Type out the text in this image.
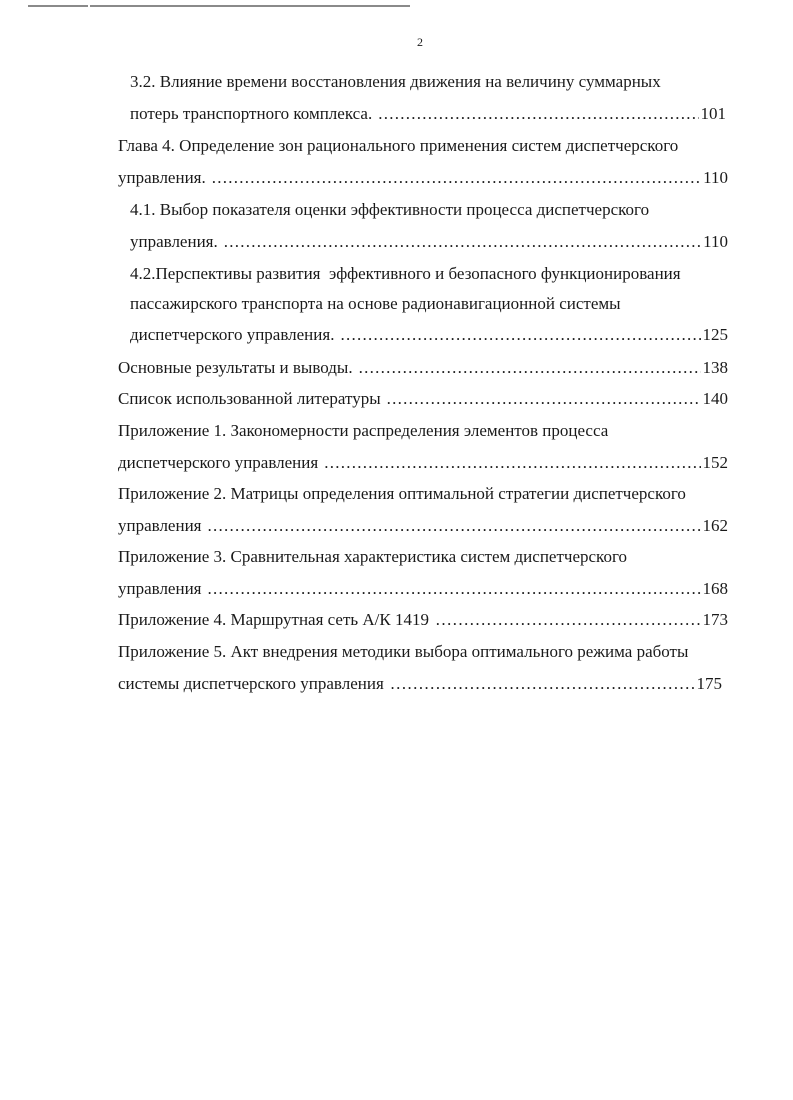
2
3.2. Влияние времени восстановления движения на величину суммарных
потерь транспортного комплекса. . . .	101
Глава 4. Определение зон рационального применения систем диспетчерского
управления. . . .	110
4.1. Выбор показателя оценки эффективности процесса диспетчерского
управления. . . .	110
4.2.Перспективы развития  эффективного и безопасного функционирования
пассажирского транспорта на основе радионавигационной системы
диспетчерского управления. . . .	125
Основные результаты и выводы. . . .	138
Список использованной литературы . . .	140
Приложение 1. Закономерности распределения элементов процесса
диспетчерского управления . . .	152
Приложение 2. Матрицы определения оптимальной стратегии диспетчерского
управления . . .	162
Приложение 3. Сравнительная характеристика систем диспетчерского
управления . . .	168
Приложение 4. Маршрутная сеть А/К 1419 ……………………………………………………………………………………………………………………………………………………………………………………………	173
Приложение 5. Акт внедрения методики выбора оптимального режима работы
системы диспетчерского управления ……………………………………………………………………………………………………………………………………………………………………………………………	175
